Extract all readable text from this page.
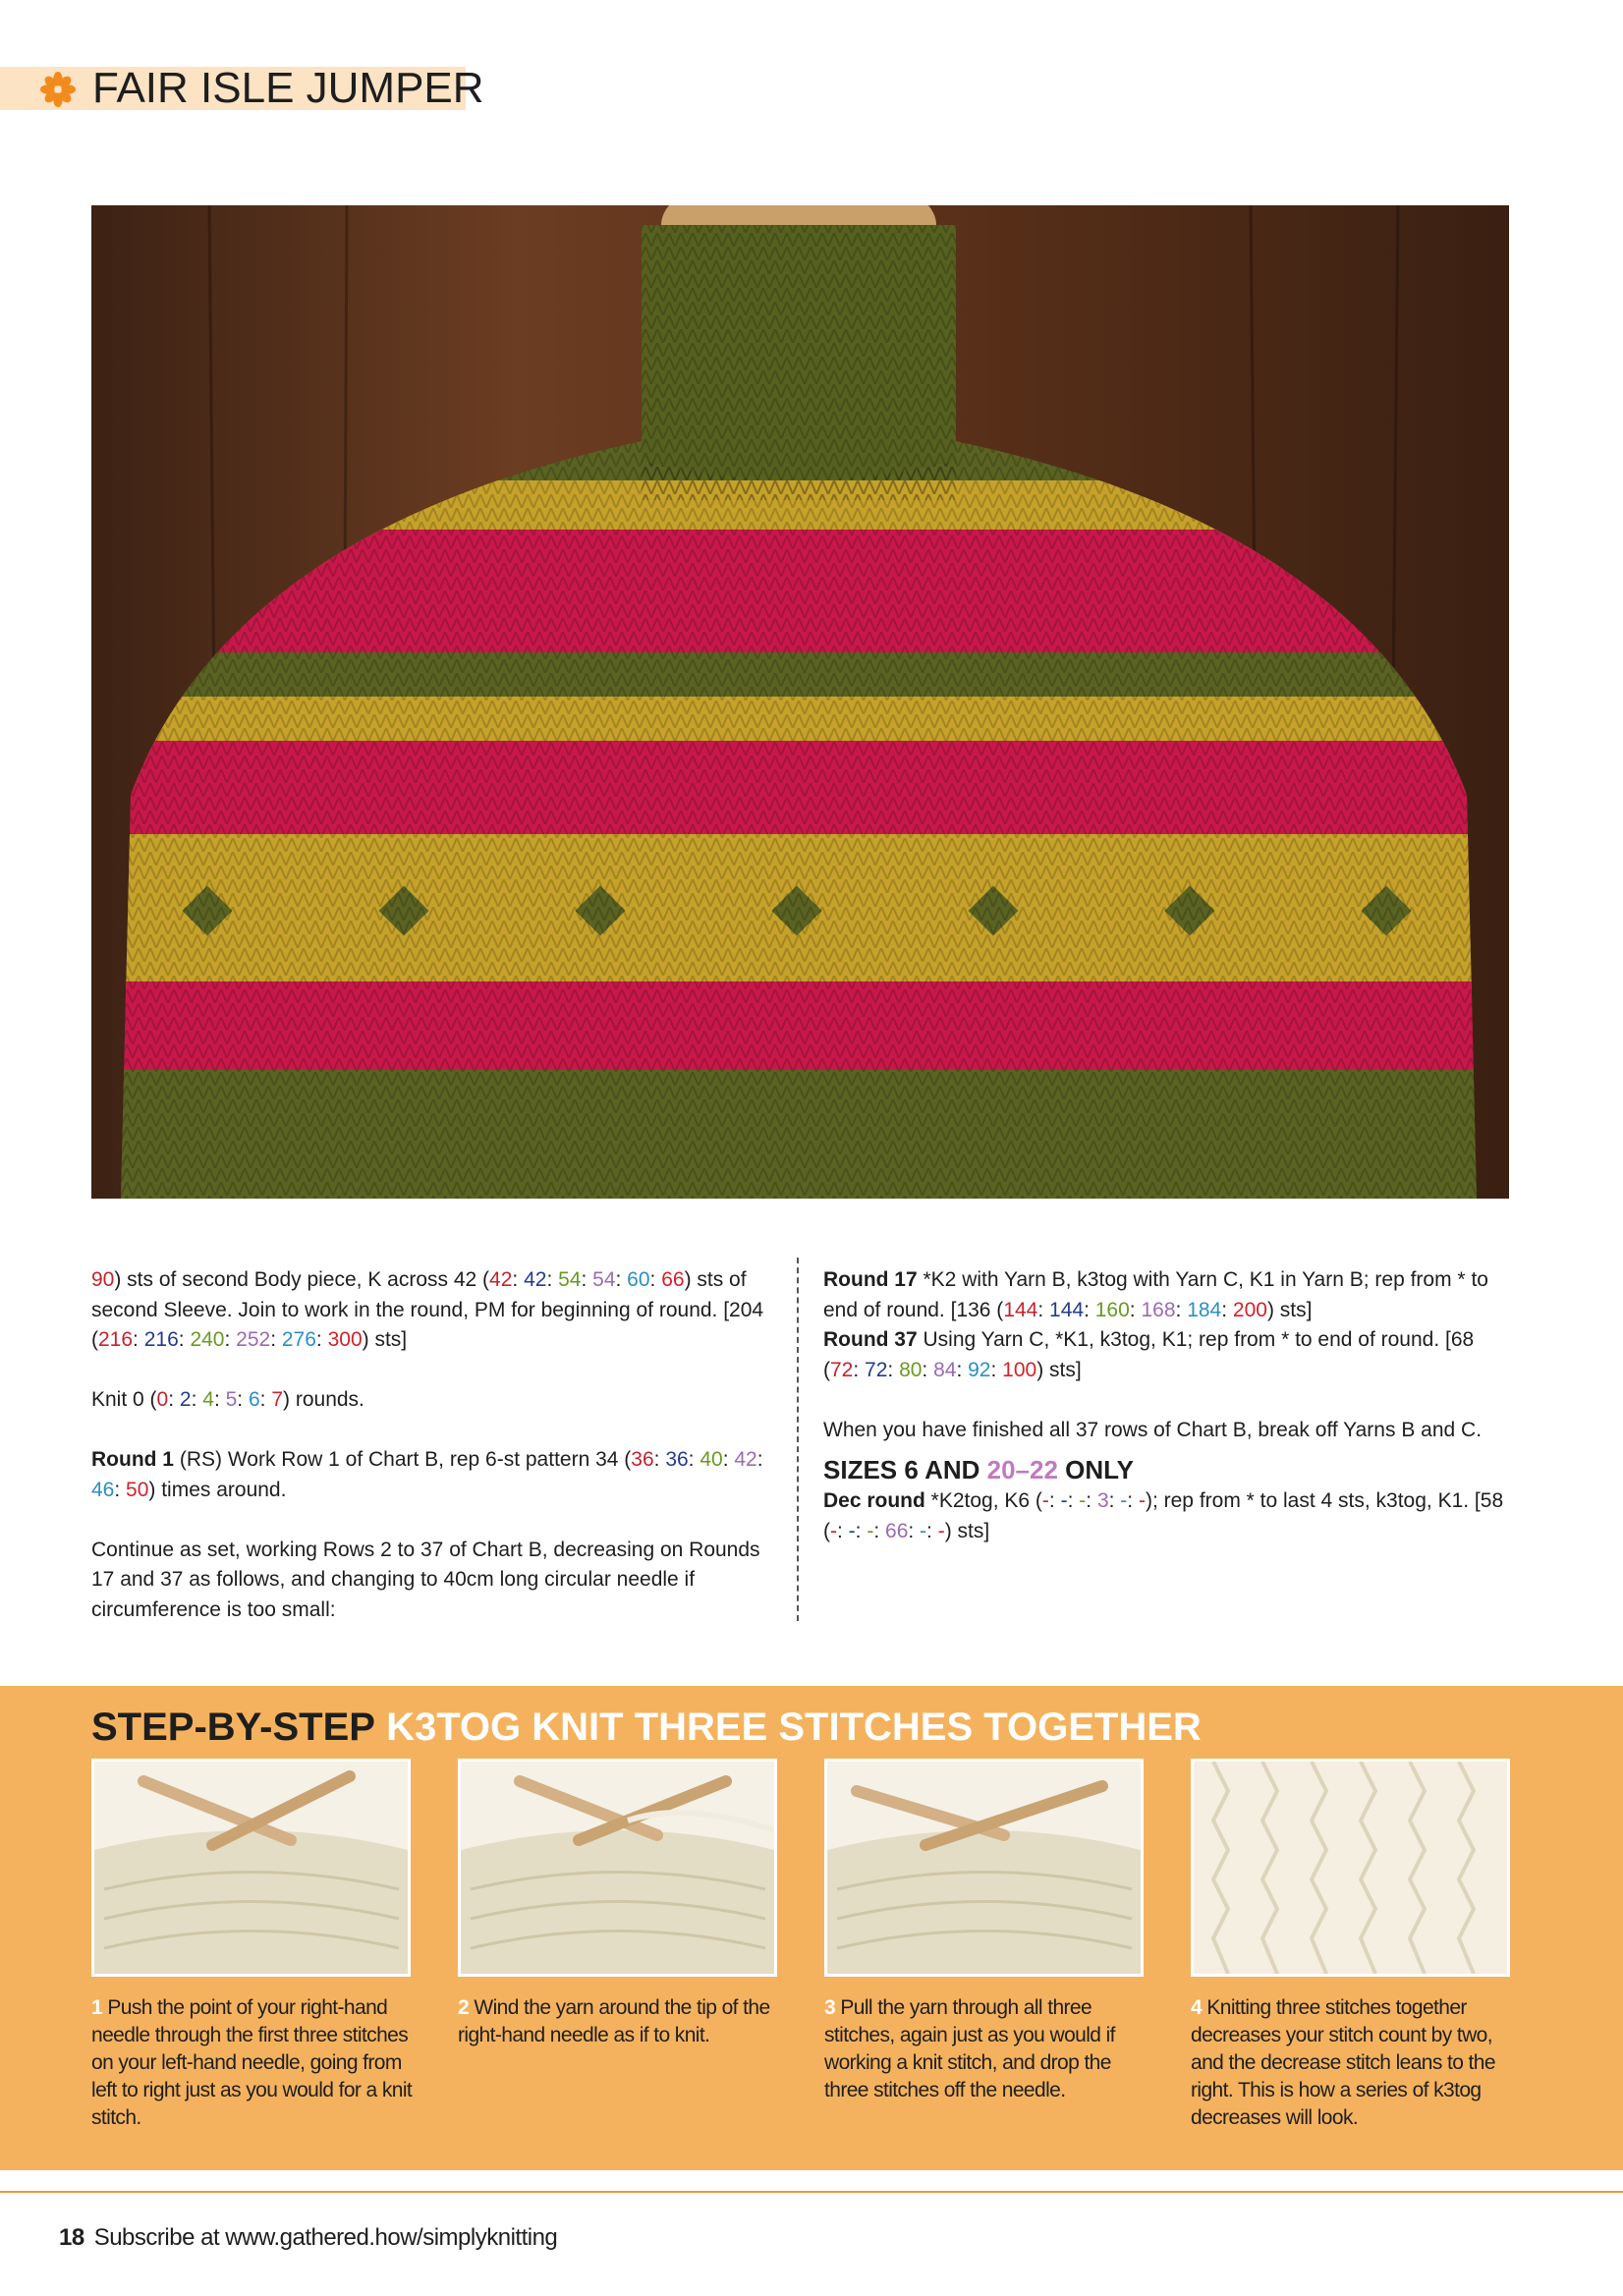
FAIR ISLE JUMPER

90) sts of second Body piece, K across 42 (42: 42: 54: 54: 60: 66) sts of second Sleeve. Join to work in the round, PM for beginning of round. [204 (216: 216: 240: 252: 276: 300) sts]

Knit 0 (0: 2: 4: 5: 6: 7) rounds.

Round 1 (RS) Work Row 1 of Chart B, rep 6-st pattern 34 (36: 36: 40: 42: 46: 50) times around.

Continue as set, working Rows 2 to 37 of Chart B, decreasing on Rounds 17 and 37 as follows, and changing to 40cm long circular needle if circumference is too small:

Round 17 *K2 with Yarn B, k3tog with Yarn C, K1 in Yarn B; rep from * to end of round. [136 (144: 144: 160: 168: 184: 200) sts]

Round 37 Using Yarn C, *K1, k3tog, K1; rep from * to end of round. [68 (72: 72: 80: 84: 92: 100) sts]

When you have finished all 37 rows of Chart B, break off Yarns B and C.

SIZES 6 AND 20–22 ONLY

Dec round *K2tog, K6 (-: -: -: 3: -: -); rep from * to last 4 sts, k3tog, K1. [58 (-: -: -: 66: -: -) sts]

STEP-BY-STEP K3TOG KNIT THREE STITCHES TOGETHER
1 Push the point of your right-hand needle through the first three stitches on your left-hand needle, going from left to right just as you would for a knit stitch.
2 Wind the yarn around the tip of the right-hand needle as if to knit.
3 Pull the yarn through all three stitches, again just as you would if working a knit stitch, and drop the three stitches off the needle.
4 Knitting three stitches together decreases your stitch count by two, and the decrease stitch leans to the right. This is how a series of k3tog decreases will look.
18 Subscribe at www.gathered.how/simplyknitting
